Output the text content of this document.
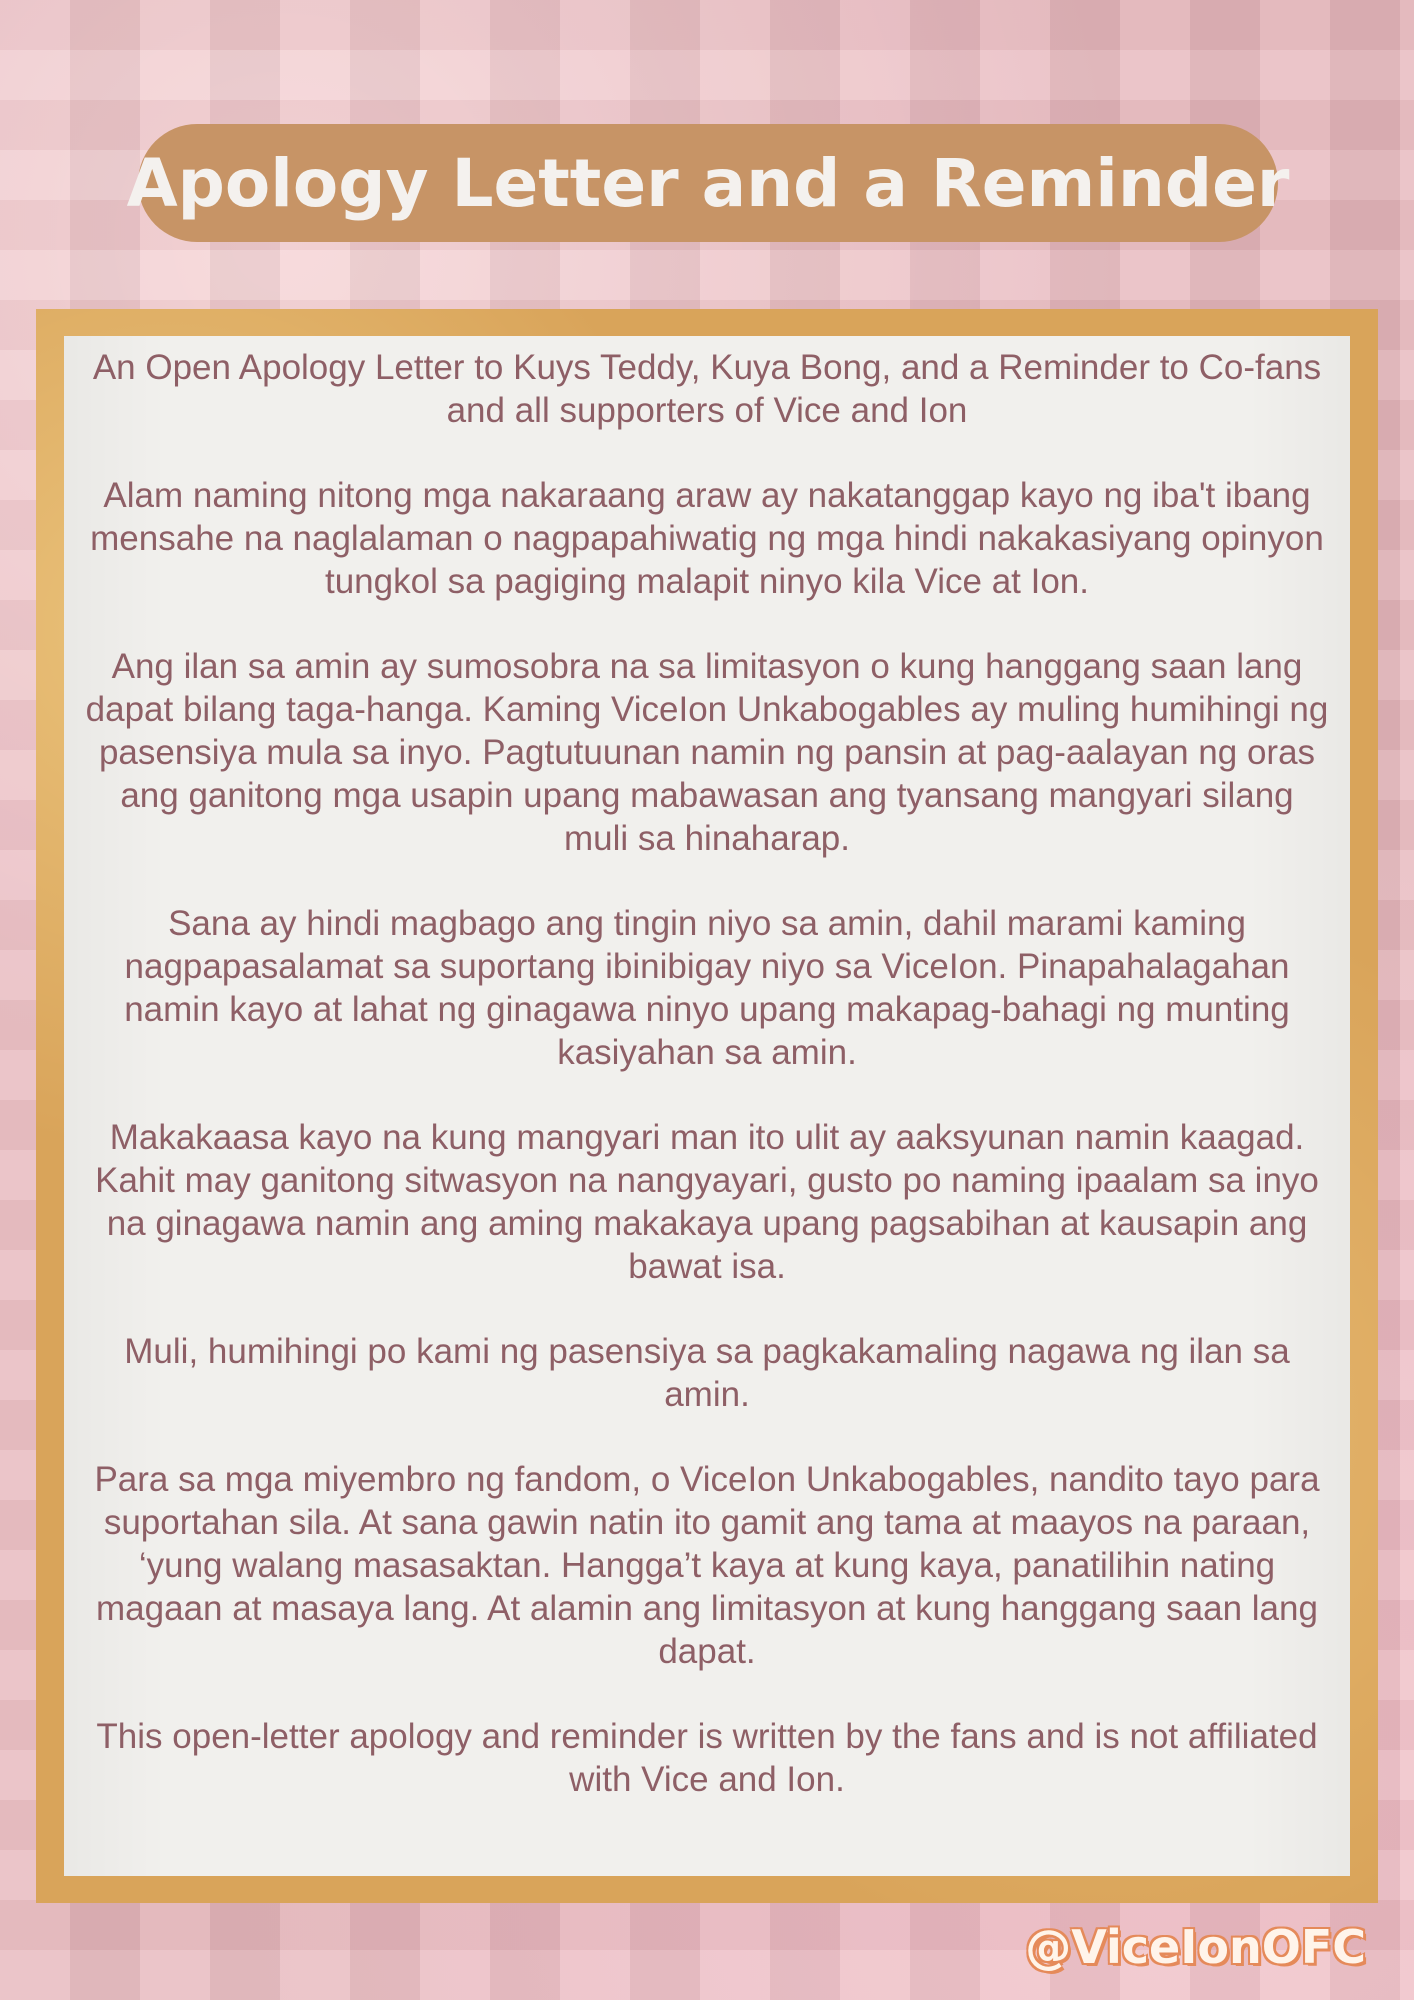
Apology Letter and a Reminder

An Open Apology Letter to Kuys Teddy, Kuya Bong, and a Reminder to Co-fans and all supporters of Vice and Ion

Alam naming nitong mga nakaraang araw ay nakatanggap kayo ng iba't ibang mensahe na naglalaman o nagpapahiwatig ng mga hindi nakakasiyang opinyon tungkol sa pagiging malapit ninyo kila Vice at Ion.

Ang ilan sa amin ay sumosobra na sa limitasyon o kung hanggang saan lang dapat bilang taga-hanga. Kaming ViceIon Unkabogables ay muling humihingi ng pasensiya mula sa inyo. Pagtutuunan namin ng pansin at pag-aalayan ng oras ang ganitong mga usapin upang mabawasan ang tyansang mangyari silang muli sa hinaharap.

Sana ay hindi magbago ang tingin niyo sa amin, dahil marami kaming nagpapasalamat sa suportang ibinibigay niyo sa ViceIon. Pinapahalagahan namin kayo at lahat ng ginagawa ninyo upang makapag-bahagi ng munting kasiyahan sa amin.

Makakaasa kayo na kung mangyari man ito ulit ay aaksyunan namin kaagad. Kahit may ganitong sitwasyon na nangyayari, gusto po naming ipaalam sa inyo na ginagawa namin ang aming makakaya upang pagsabihan at kausapin ang bawat isa.

Muli, humihingi po kami ng pasensiya sa pagkakamaling nagawa ng ilan sa amin.

Para sa mga miyembro ng fandom, o ViceIon Unkabogables, nandito tayo para suportahan sila. At sana gawin natin ito gamit ang tama at maayos na paraan, ‘yung walang masasaktan. Hangga’t kaya at kung kaya, panatilihin nating magaan at masaya lang. At alamin ang limitasyon at kung hanggang saan lang dapat.

This open-letter apology and reminder is written by the fans and is not affiliated with Vice and Ion.

@ViceIonOFC
